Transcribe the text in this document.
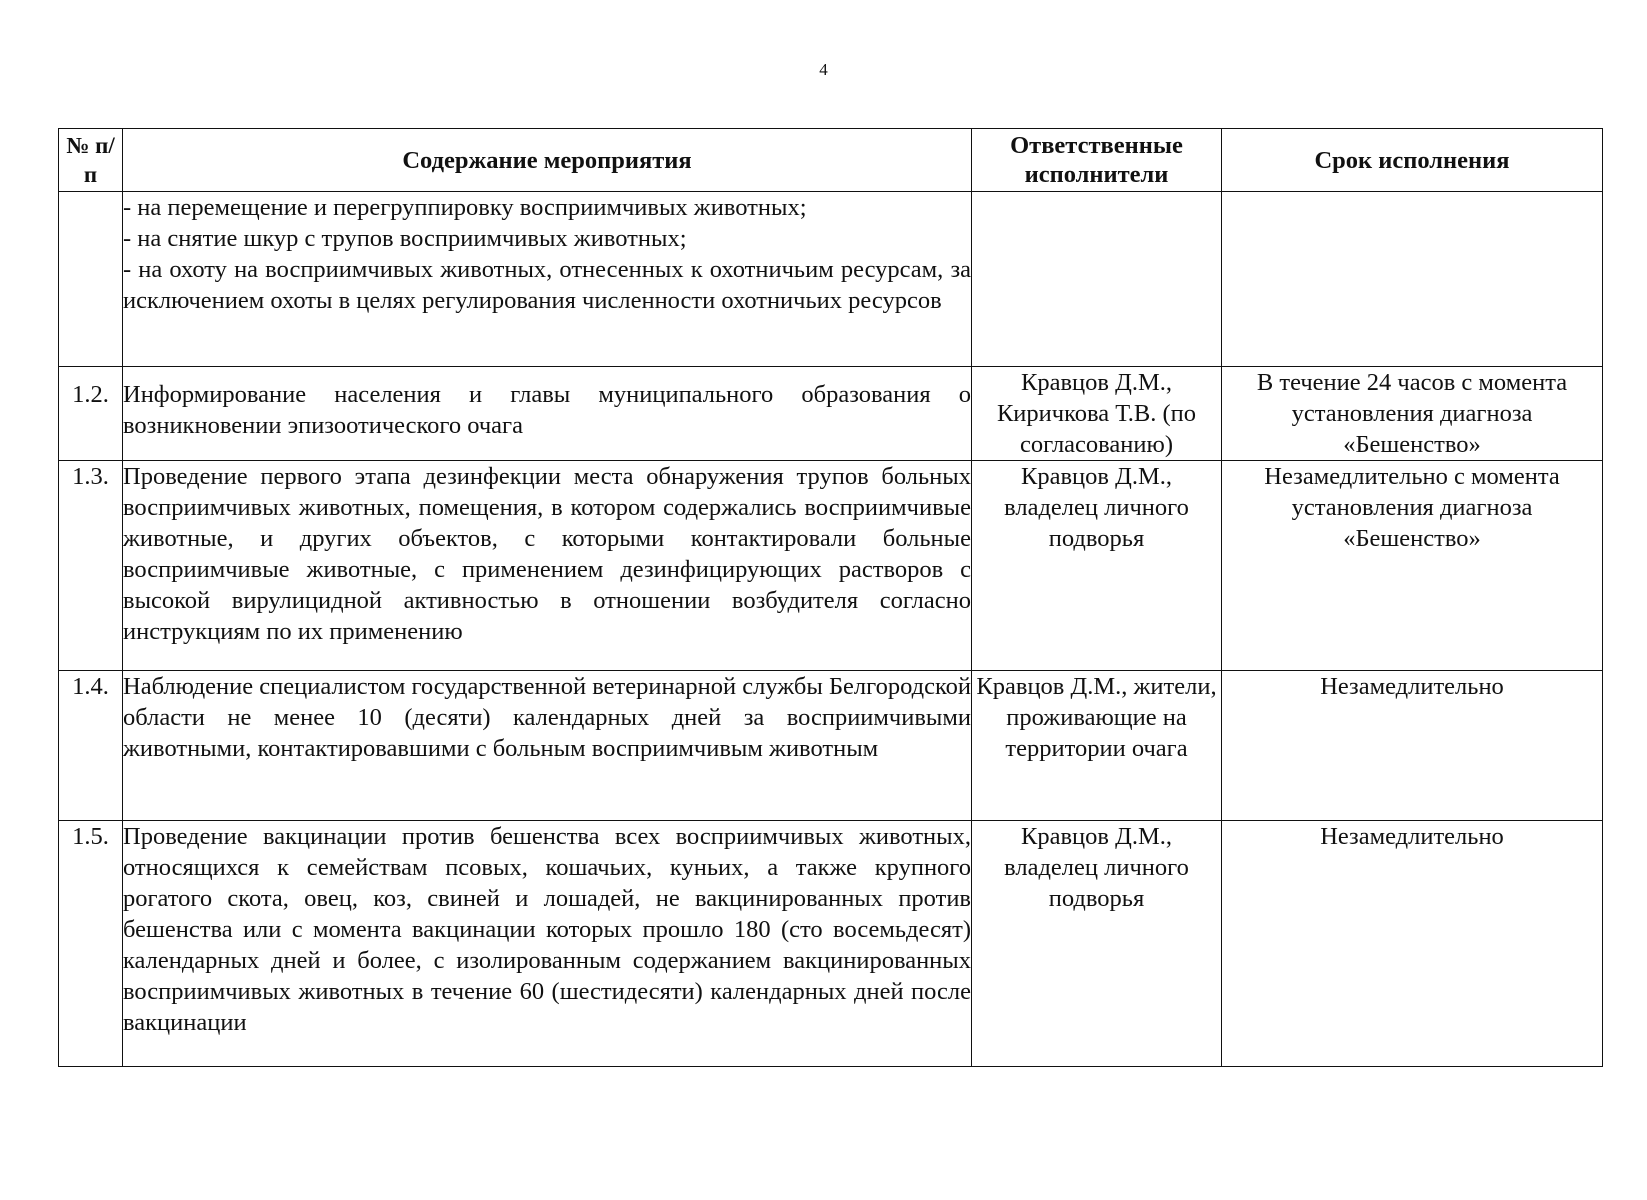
4
№ п/п	Содержание мероприятия	Ответственные исполнители	Срок исполнения

	- на перемещение и перегруппировку восприимчивых животных;
- на снятие шкур с трупов восприимчивых животных;
- на охоту на восприимчивых животных, отнесенных к охотничьим ресурсам, за исключением охоты в целях регулирования численности охотничьих ресурсов		

1.2.	Информирование населения и главы муниципального образования о возникновении эпизоотического очага	Кравцов Д.М., Киричкова Т.В. (по согласованию)	В течение 24 часов с момента установления диагноза «Бешенство»
1.3.	Проведение первого этапа дезинфекции места обнаружения трупов больных восприимчивых животных, помещения, в котором содержались восприимчивые животные, и других объектов, с которыми контактировали больные восприимчивые животные, с применением дезинфицирующих растворов с высокой вирулицидной активностью в отношении возбудителя согласно инструкциям по их применению	Кравцов Д.М., владелец личного подворья	Незамедлительно с момента установления диагноза «Бешенство»
1.4.	Наблюдение специалистом государственной ветеринарной службы Белгородской области не менее 10 (десяти) календарных дней за восприимчивыми животными, контактировавшими с больным восприимчивым животным	Кравцов Д.М., жители, проживающие на территории очага	Незамедлительно
1.5.	Проведение вакцинации против бешенства всех восприимчивых животных, относящихся к семействам псовых, кошачьих, куньих, а также крупного рогатого скота, овец, коз, свиней и лошадей, не вакцинированных против бешенства или с момента вакцинации которых прошло 180 (сто восемьдесят) календарных дней и более, с изолированным содержанием вакцинированных восприимчивых животных в течение 60 (шестидесяти) календарных дней после вакцинации	Кравцов Д.М., владелец личного подворья	Незамедлительно
